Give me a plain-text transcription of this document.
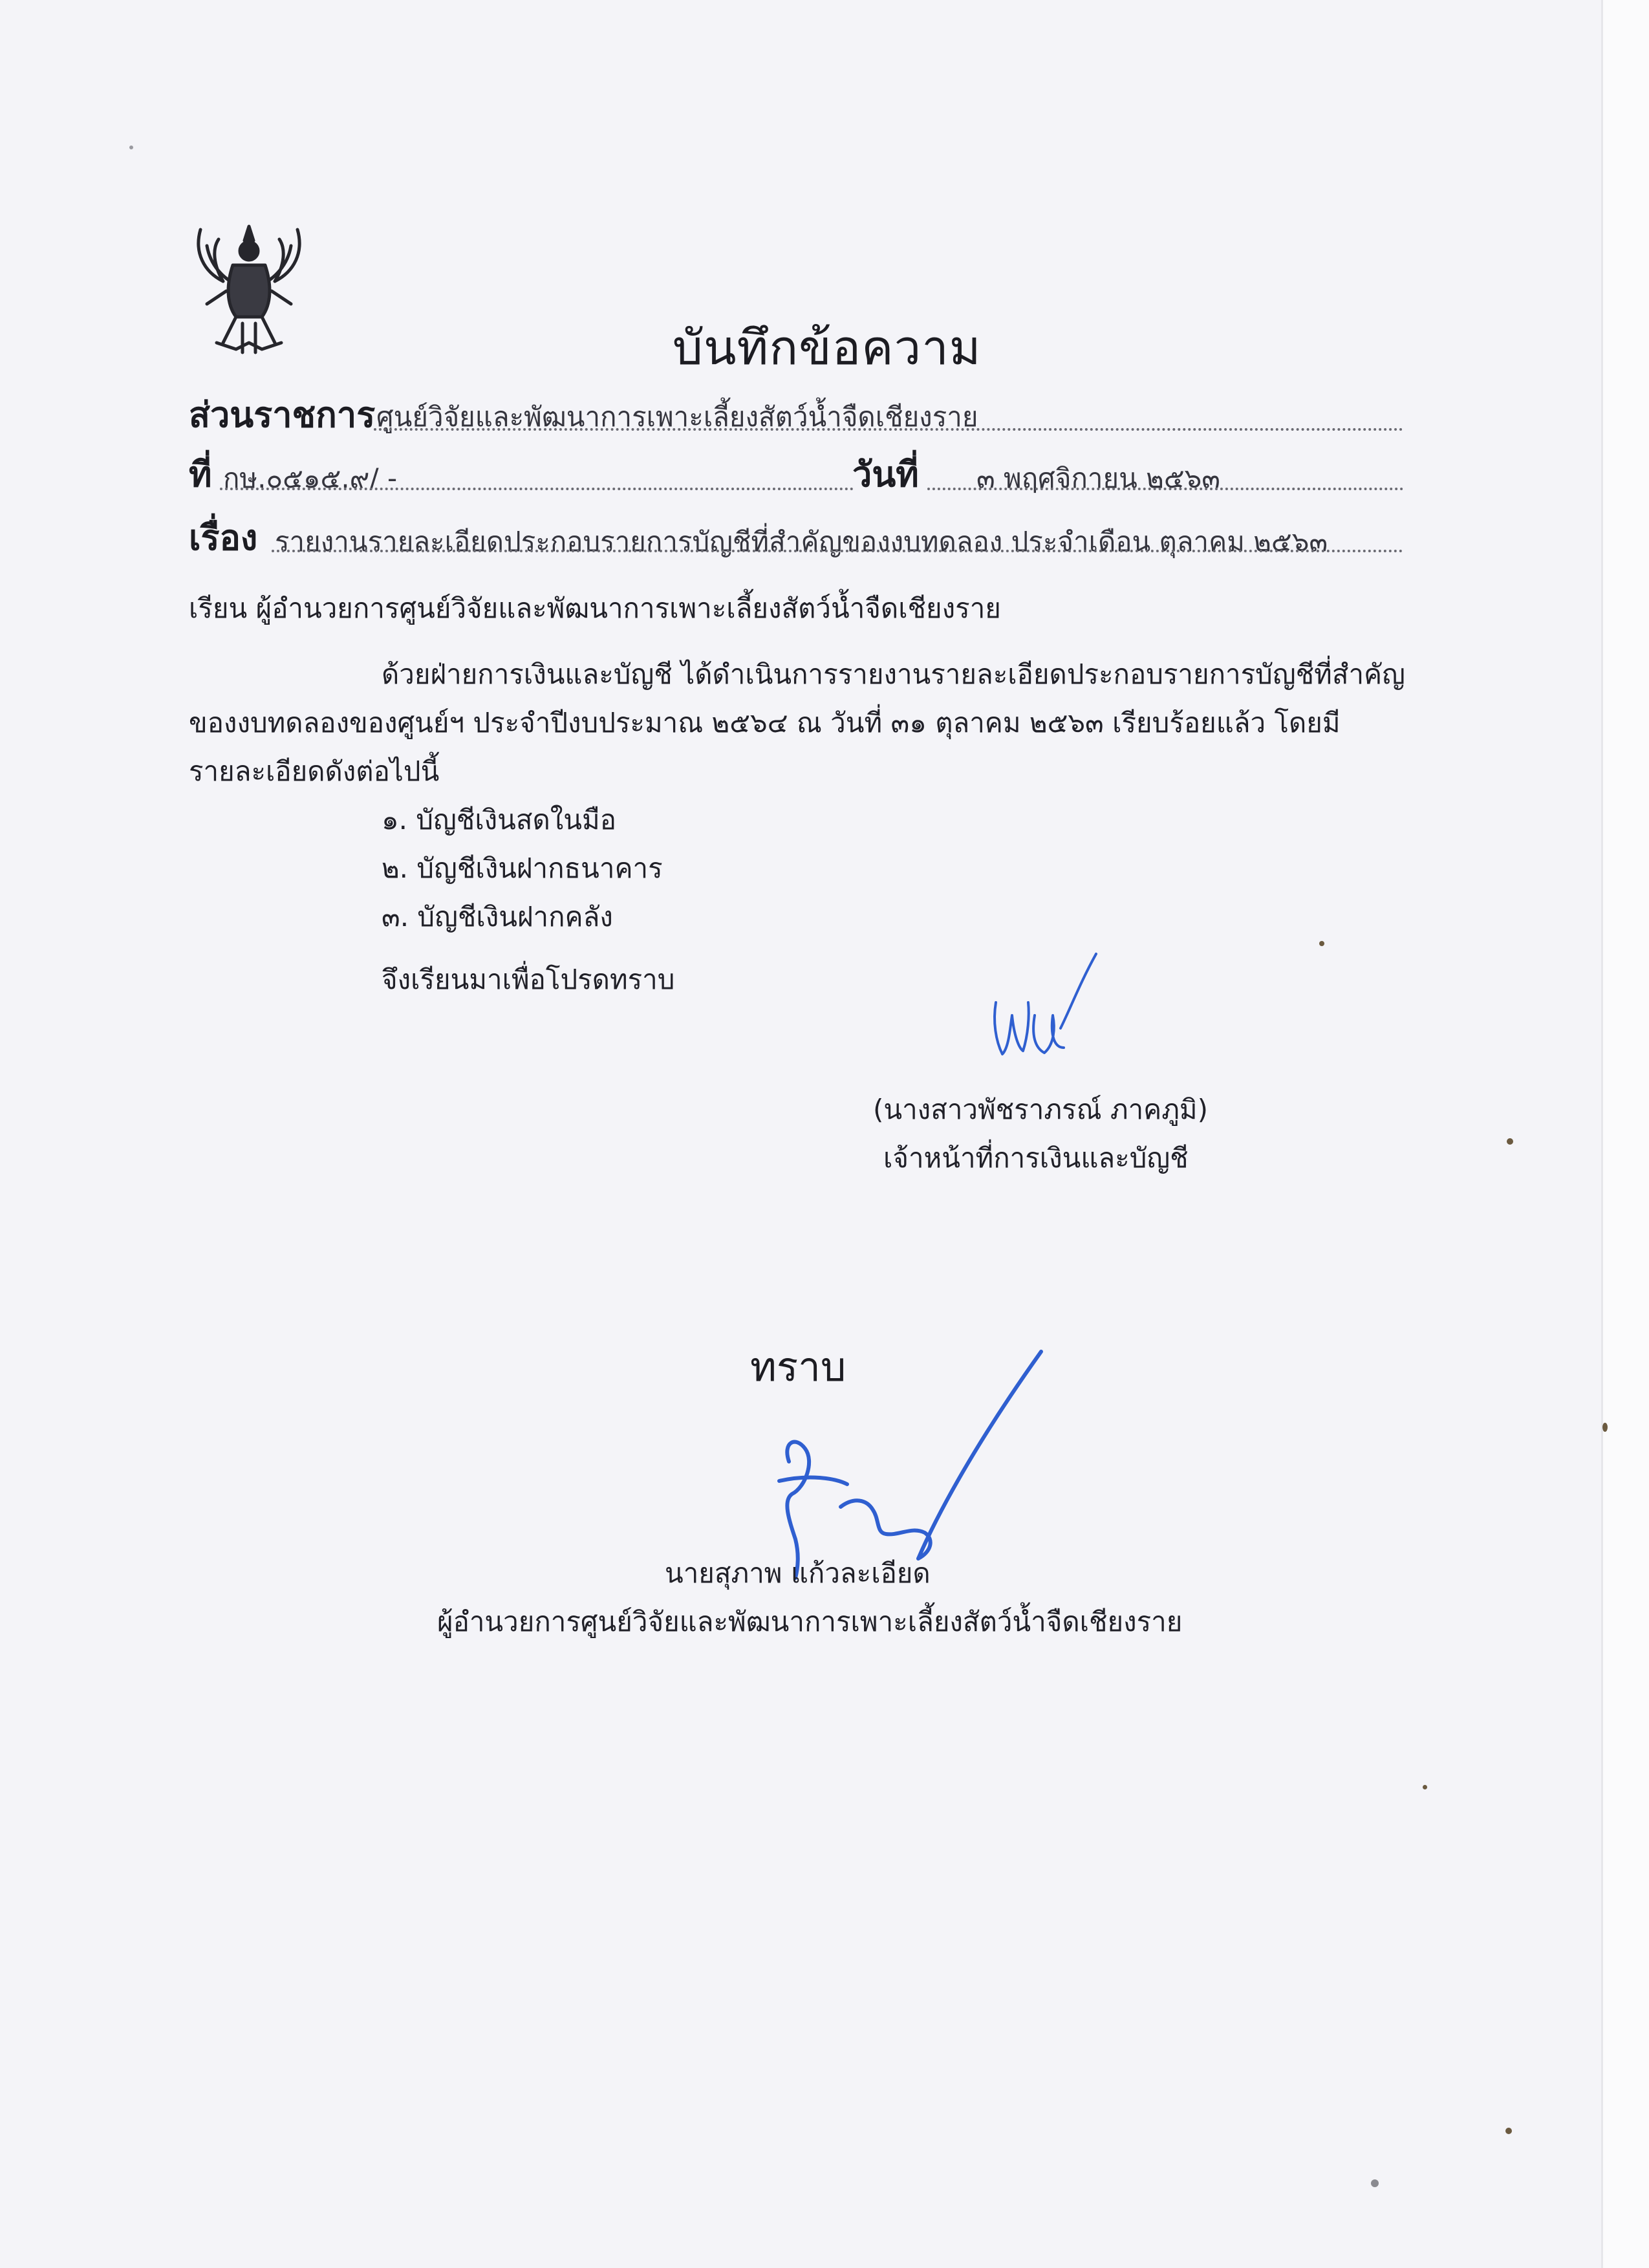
บันทึกข้อความ
ส่วนราชการ ศูนย์วิจัยและพัฒนาการเพาะเลี้ยงสัตว์น้ำจืดเชียงราย
ที่ กษ.๐๕๑๕.๙/ -	วันที่ ๓ พฤศจิกายน ๒๕๖๓
เรื่อง รายงานรายละเอียดประกอบรายการบัญชีที่สำคัญของงบทดลอง ประจำเดือน ตุลาคม ๒๕๖๓
เรียน ผู้อำนวยการศูนย์วิจัยและพัฒนาการเพาะเลี้ยงสัตว์น้ำจืดเชียงราย
ด้วยฝ่ายการเงินและบัญชี ได้ดำเนินการรายงานรายละเอียดประกอบรายการบัญชีที่สำคัญ
ของงบทดลองของศูนย์ฯ ประจำปีงบประมาณ ๒๕๖๔ ณ วันที่ ๓๑ ตุลาคม ๒๕๖๓ เรียบร้อยแล้ว โดยมี
รายละเอียดดังต่อไปนี้
๑. บัญชีเงินสดในมือ
๒. บัญชีเงินฝากธนาคาร
๓. บัญชีเงินฝากคลัง
จึงเรียนมาเพื่อโปรดทราบ
(นางสาวพัชราภรณ์ ภาคภูมิ)
เจ้าหน้าที่การเงินและบัญชี
ทราบ
นายสุภาพ แก้วละเอียด
ผู้อำนวยการศูนย์วิจัยและพัฒนาการเพาะเลี้ยงสัตว์น้ำจืดเชียงราย
